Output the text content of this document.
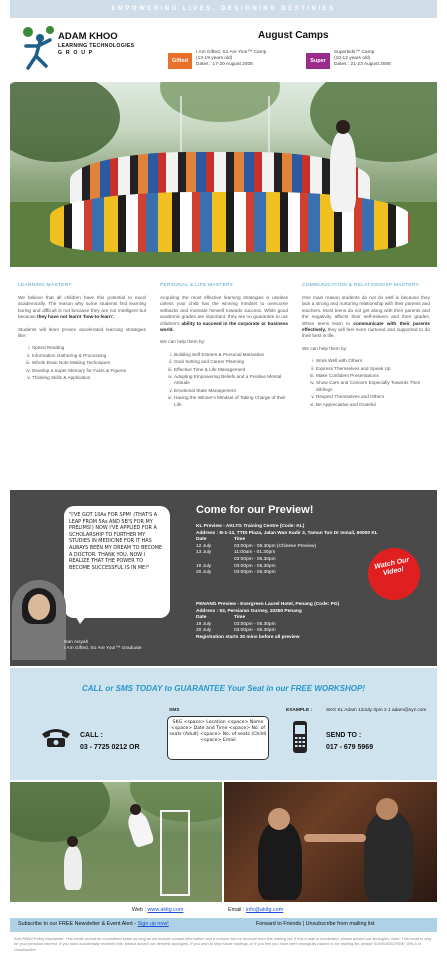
EMPOWERING LIVES. DESIGNING DESTINIES
ADAM KHOO
LEARNING TECHNOLOGIES
GROUP
August Camps
Gifted
I Am Gifted, So Are You!™ Camp
(13-19 years old)
Dates : 17-20 August 2008
Super Kids
Superkids™ Camp
(10-12 years old)
Dates : 21-23 August 2008
LEARNING MASTERY

We believe that all children have this potential to excel academically. The reason why some students find learning boring and difficult is not because they are not intelligent but because they have not learnt 'how-to-learn'.

Students will learn proven accelerated learning strategies like:

i. Speed Reading
ii. Information Gathering & Processing
iii. Whole Brain Note Making Techniques
iv. Develop a Super Memory for Facts & Figures
v. Thinking Skills & Application
PERSONAL & LIFE MASTERY

Acquiring the most effective learning strategies is useless unless your child has the winning mindset to overcome setbacks and motivate himself towards success. While good academic grades are important, they are no guarantee to our children's ability to succeed in the corporate or business world.

We can help them by:

i. Building Self Esteem & Personal Motivation
ii. Goal Setting and Career Planning
iii. Effective Time & Life Management
iv. Adopting Empowering Beliefs and a Positive Mental Attitude
v. Emotional State Management
vi. Having the Winner's Mindset of Taking Charge of their Life
COMMUNICATION & RELATIONSHIP MASTERY

One main reason students do not do well is because they lack a strong and nurturing relationship with their parents and teachers. Most teens do not get along with their parents and the negativity affects their self-esteem and their grades. When teens learn to communicate with their parents effectively, they will feel more nurtured and supported to do their best in life.

We can help them by:

i. Work Well with Others
ii. Express Themselves and Speak Up
iii. Make Confident Presentations
iv. Show Care and Concern Especially Towards Their Siblings
v. Respect Themselves and Others
vi. Be Appreciative and Grateful
"I'VE GOT 10As FOR SPM! (THAT'S A LEAP FROM 5As AND 5B'S FOR MY PRELIMS!) NOW I'VE APPLIED FOR A SCHOLARSHIP TO FURTHER MY STUDIES IN MEDICINE FOR IT HAS ALWAYS BEEN MY DREAM TO BECOME A DOCTOR. THANK YOU, NOW I REALIZE THAT THE POWER TO BECOME SUCCESSFUL IS IN ME!"
Nan Aisyah
I Am Gifted, So Are You!™ Graduate
Come for our Preview!
KL Preview - AKLTG Training Centre (Code: KL)
Address : B-1-12, TTDI Plaza, Jalan Wan Kadir 3, Taman Tun Dr Ismail, 60000 KL
Date	Time
12 July	03:00pm - 05.30pm (Chinese Preview)
13 July	11:00am - 01.30pm
03:00pm - 05.30pm
19 July	03:00pm - 05.30pm
20 July	03:00pm - 05.30pm
PENANG Preview - Evergreen Laurel Hotel, Penang (Code: PG)
Address : 53, Persiaran Gurney, 10250 Penang
Date	Time
19 July	03:00pm - 05.30pm
20 July	03:00pm - 05.30pm
Registration starts 30 mins before all preview
Watch Our Video!
CALL or SMS TODAY to GUARANTEE Your Seat in our FREE WORKSHOP!
CALL :
03 - 7725 0212 OR
SMS
SKG <space> Location <space> Name <space> Date and Time <space> No. of seats (Adult) <space> No. of seats (Child) <space> Email
EXAMPLE :	SKG KL Adam 13July 3pm 2 1 adam@xyz.com
SEND TO :
017 - 679 5969
Web : www.akltg.com	Email : info@akltg.com
Subscribe to our FREE Newsletter & Event Alert - Sign up now!	Forward to Friends | Unsubscribe from mailing list
Anti-SPAM Policy Disclaimer: This email cannot be considered spam as long as we include contact information and a remove link for removal from this mailing list. If this e-mail is unsolicited, please accept our apologies. Note: This email is only for your personal interest. If you have accidentally received this, please accept our deepest apologies. If you wish to stop future mailings, or if you feel you have been wrongfully placed in our mailing list, please SUNSUBSCRIBE_URLS to Unsubscribe.
